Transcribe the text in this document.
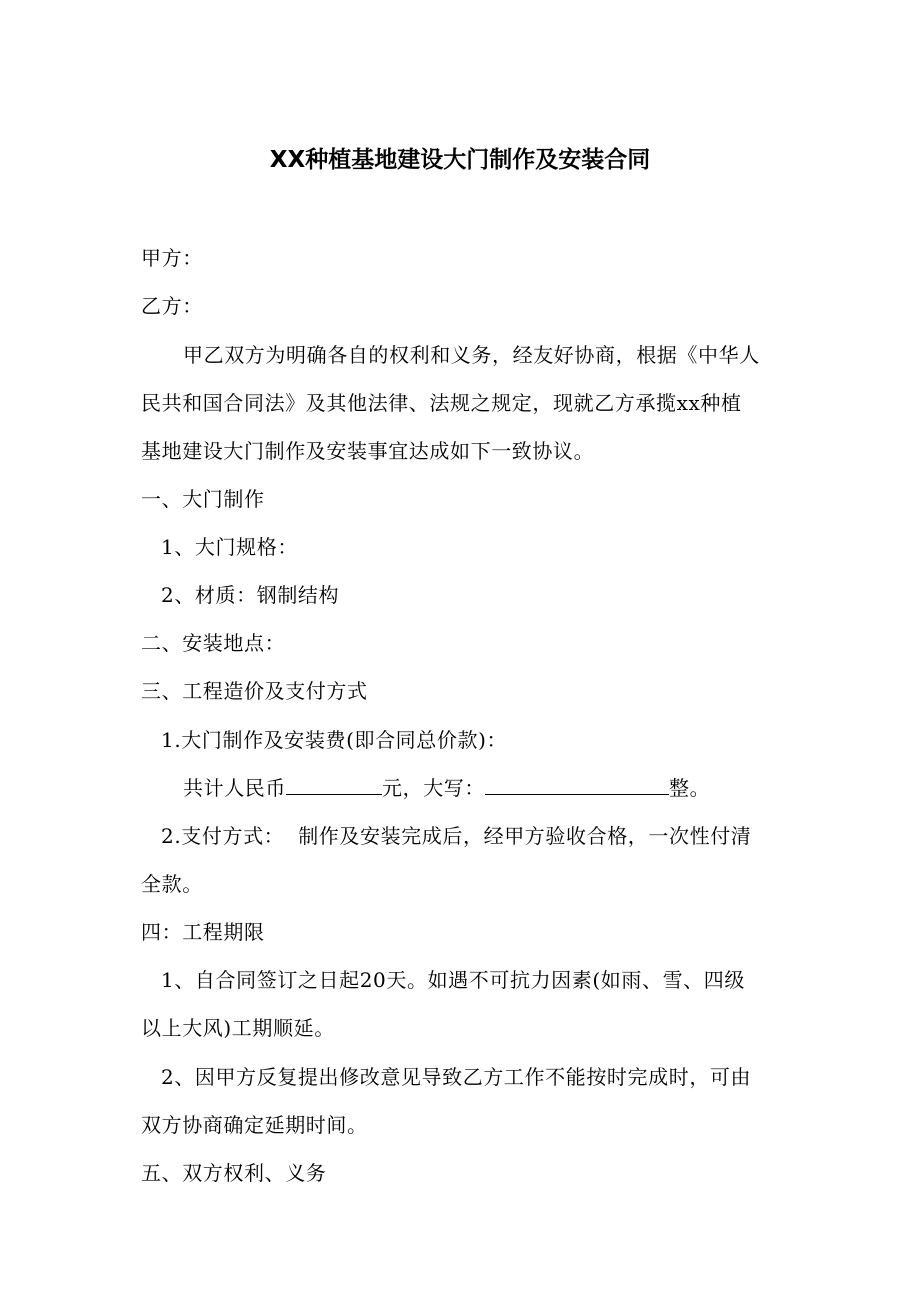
XX种植基地建设大门制作及安装合同
甲方：
乙方：
甲乙双方为明确各自的权利和义务，经友好协商，根据《中华人
民共和国合同法》及其他法律、法规之规定，现就乙方承揽xx种植
基地建设大门制作及安装事宜达成如下一致协议。
一、大门制作
1、大门规格：
2、材质：钢制结构
二、安装地点：
三、工程造价及支付方式
1.大门制作及安装费(即合同总价款)：
共计人民币	元，大写：	整。
2.支付方式：  制作及安装完成后，经甲方验收合格，一次性付清
全款。
四：工程期限
1、自合同签订之日起20天。如遇不可抗力因素(如雨、雪、四级
以上大风)工期顺延。
2、因甲方反复提出修改意见导致乙方工作不能按时完成时，可由
双方协商确定延期时间。
五、双方权利、义务
